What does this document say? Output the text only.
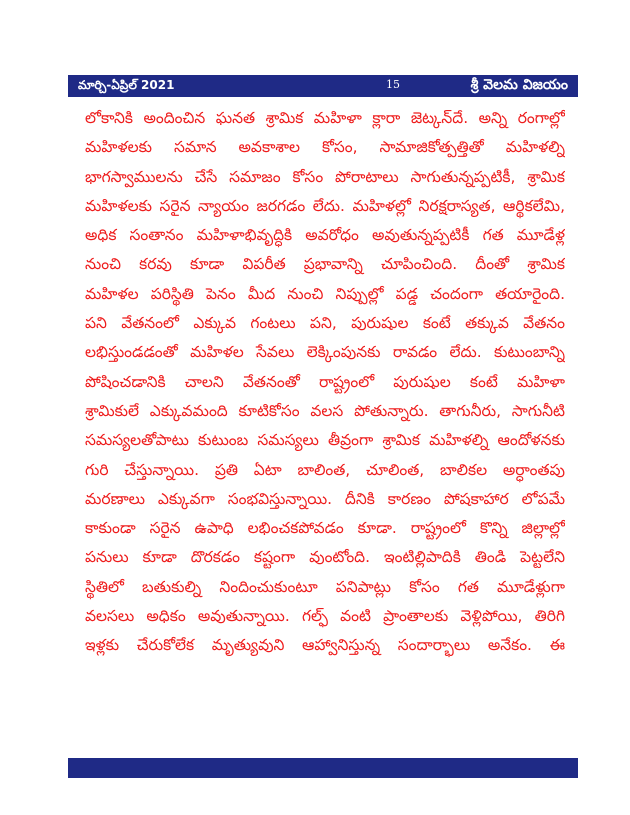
మార్చి-ఏప్రిల్ 2021	15	శ్రీ వెలమ విజయం
లోకానికి అందించిన ఘనత శ్రామిక మహిళా క్లారా జెట్కన్‌దే. అన్ని రంగాల్లో
మహిళలకు సమాన అవకాశాల కోసం, సామాజికోత్పత్తితో మహిళల్ని
భాగస్వాములను చేసే సమాజం కోసం పోరాటాలు సాగుతున్నప్పటికీ, శ్రామిక
మహిళలకు సరైన న్యాయం జరగడం లేదు. మహిళల్లో నిరక్షరాస్యత, ఆర్థికలేమి,
అధిక సంతానం మహిళాభివృద్ధికి అవరోధం అవుతున్నప్పటికీ గత మూడేళ్ల
నుంచి కరవు కూడా విపరీత ప్రభావాన్ని చూపించింది. దీంతో శ్రామిక
మహిళల పరిస్థితి పెనం మీద నుంచి నిప్పుల్లో పడ్డ చందంగా తయారైంది.
పని వేతనంలో ఎక్కువ గంటలు పని, పురుషుల కంటే తక్కువ వేతనం
లభిస్తుండడంతో మహిళల సేవలు లెక్కింపునకు రావడం లేదు. కుటుంబాన్ని
పోషించడానికి చాలని వేతనంతో రాష్ట్రంలో పురుషుల కంటే మహిళా
శ్రామికులే ఎక్కువమంది కూటికోసం వలస పోతున్నారు. తాగునీరు, సాగునీటి
సమస్యలతోపాటు కుటుంబ సమస్యలు తీవ్రంగా శ్రామిక మహిళల్ని ఆందోళనకు
గురి చేస్తున్నాయి. ప్రతి ఏటా బాలింత, చూలింత, బాలికల అర్ధాంతపు
మరణాలు ఎక్కువగా సంభవిస్తున్నాయి. దీనికి కారణం పోషకాహార లోపమే
కాకుండా సరైన ఉపాధి లభించకపోవడం కూడా. రాష్ట్రంలో కొన్ని జిల్లాల్లో
పనులు కూడా దొరకడం కష్టంగా వుంటోంది. ఇంటిల్లిపాదికి తిండి పెట్టలేని
స్థితిలో బతుకుల్ని నిందించుకుంటూ పనిపాట్లు కోసం గత మూడేళ్లుగా
వలసలు అధికం అవుతున్నాయి. గల్ఫ్ వంటి ప్రాంతాలకు వెళ్లిపోయి, తిరిగి
ఇళ్లకు చేరుకోలేక మృత్యువుని ఆహ్వానిస్తున్న సందార్భాలు అనేకం. ఈ
